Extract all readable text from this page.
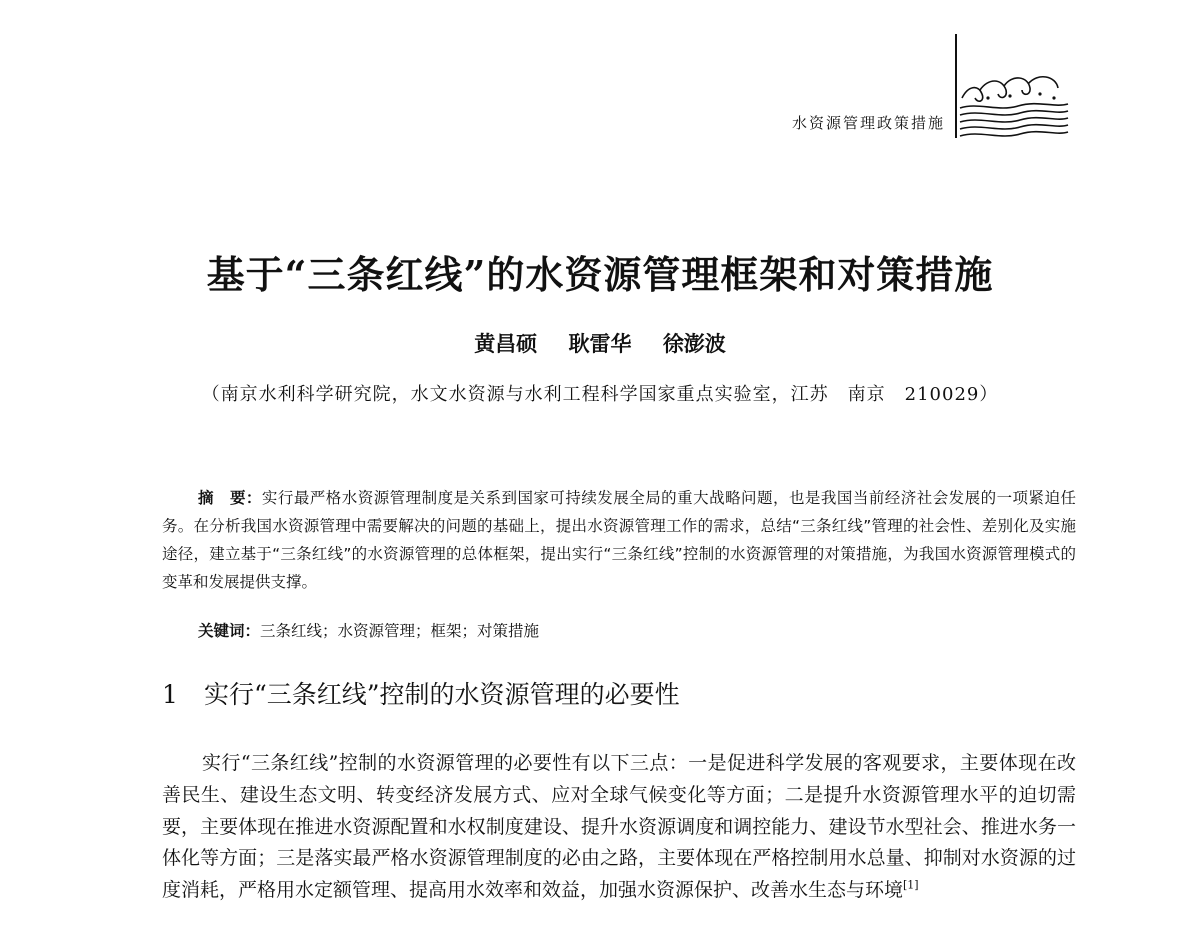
水资源管理政策措施
基于“三条红线”的水资源管理框架和对策措施
黄昌硕 耿雷华 徐澎波
（南京水利科学研究院，水文水资源与水利工程科学国家重点实验室，江苏　南京　210029）
摘　要：实行最严格水资源管理制度是关系到国家可持续发展全局的重大战略问题，也是我国当前经济社会发展的一项紧迫任务。在分析我国水资源管理中需要解决的问题的基础上，提出水资源管理工作的需求，总结“三条红线”管理的社会性、差别化及实施途径，建立基于“三条红线”的水资源管理的总体框架，提出实行“三条红线”控制的水资源管理的对策措施，为我国水资源管理模式的变革和发展提供支撑。
关键词：三条红线；水资源管理；框架；对策措施
1 实行“三条红线”控制的水资源管理的必要性
实行“三条红线”控制的水资源管理的必要性有以下三点：一是促进科学发展的客观要求，主要体现在改善民生、建设生态文明、转变经济发展方式、应对全球气候变化等方面；二是提升水资源管理水平的迫切需要，主要体现在推进水资源配置和水权制度建设、提升水资源调度和调控能力、建设节水型社会、推进水务一体化等方面；三是落实最严格水资源管理制度的必由之路，主要体现在严格控制用水总量、抑制对水资源的过度消耗，严格用水定额管理、提高用水效率和效益，加强水资源保护、改善水生态与环境[1]
